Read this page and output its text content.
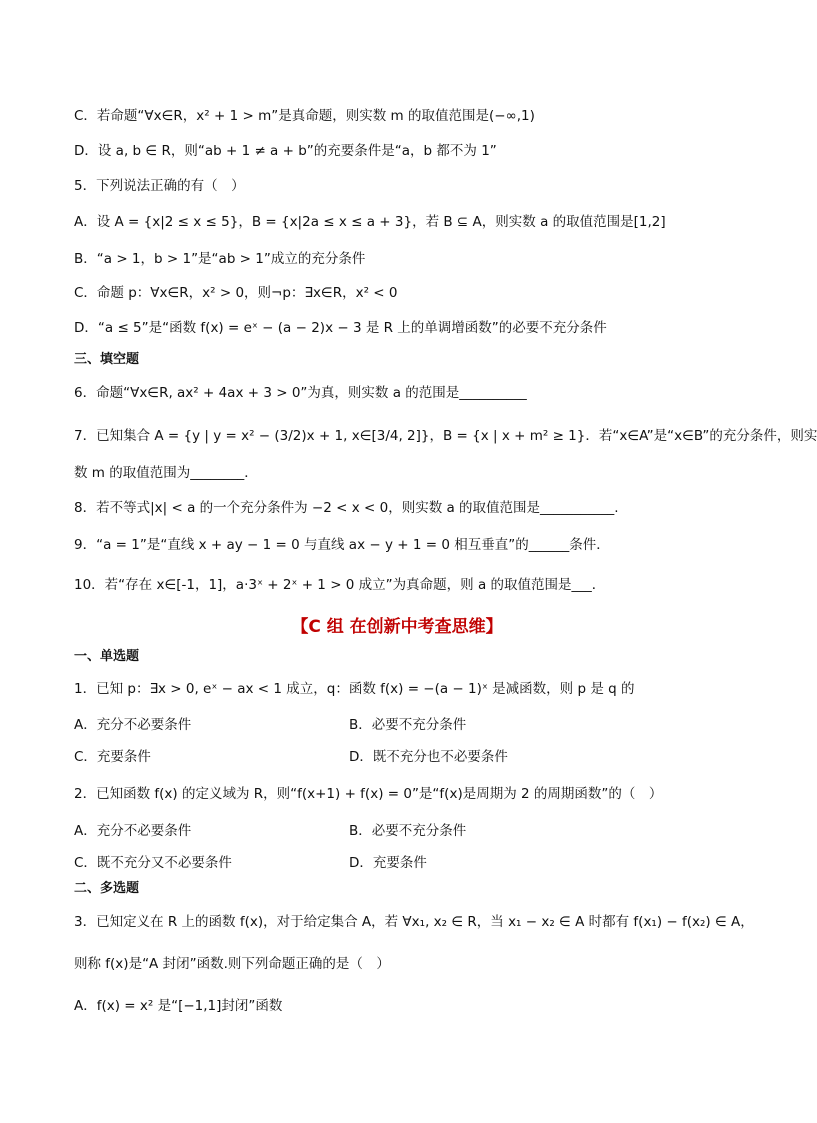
C．若命题“∀x∈R，x² + 1 > m”是真命题，则实数 m 的取值范围是(−∞,1)
D．设 a, b ∈ R，则“ab + 1 ≠ a + b”的充要条件是“a，b 都不为 1”
5．下列说法正确的有（　）
A．设 A = {x|2 ≤ x ≤ 5}，B = {x|2a ≤ x ≤ a + 3}，若 B ⊆ A，则实数 a 的取值范围是[1,2]
B．“a > 1，b > 1”是“ab > 1”成立的充分条件
C．命题 p：∀x∈R，x² > 0，则¬p：∃x∈R，x² < 0
D．“a ≤ 5”是“函数 f(x) = eˣ − (a − 2)x − 3 是 R 上的单调增函数”的必要不充分条件
三、填空题
6．命题“∀x∈R, ax² + 4ax + 3 > 0”为真，则实数 a 的范围是__________
7．已知集合 A = {y | y = x² − (3/2)x + 1, x∈[3/4, 2]}，B = {x | x + m² ≥ 1}．若“x∈A”是“x∈B”的充分条件，则实
数 m 的取值范围为________．
8．若不等式|x| < a 的一个充分条件为 −2 < x < 0，则实数 a 的取值范围是___________.
9．“a = 1”是“直线 x + ay − 1 = 0 与直线 ax − y + 1 = 0 相互垂直”的______条件．
10．若“存在 x∈[-1，1]，a·3ˣ + 2ˣ + 1 > 0 成立”为真命题，则 a 的取值范围是___．
【C 组 在创新中考查思维】
一、单选题
1．已知 p：∃x > 0, eˣ − ax < 1 成立，q：函数 f(x) = −(a − 1)ˣ 是减函数，则 p 是 q 的
A．充分不必要条件	B．必要不充分条件
C．充要条件	D．既不充分也不必要条件
2．已知函数 f(x) 的定义域为 R，则“f(x+1) + f(x) = 0”是“f(x)是周期为 2 的周期函数”的（　）
A．充分不必要条件	B．必要不充分条件
C．既不充分又不必要条件	D．充要条件
二、多选题
3．已知定义在 R 上的函数 f(x)，对于给定集合 A，若 ∀x₁, x₂ ∈ R，当 x₁ − x₂ ∈ A 时都有 f(x₁) − f(x₂) ∈ A，
则称 f(x)是“A 封闭”函数.则下列命题正确的是（　）
A．f(x) = x² 是“[−1,1]封闭”函数
